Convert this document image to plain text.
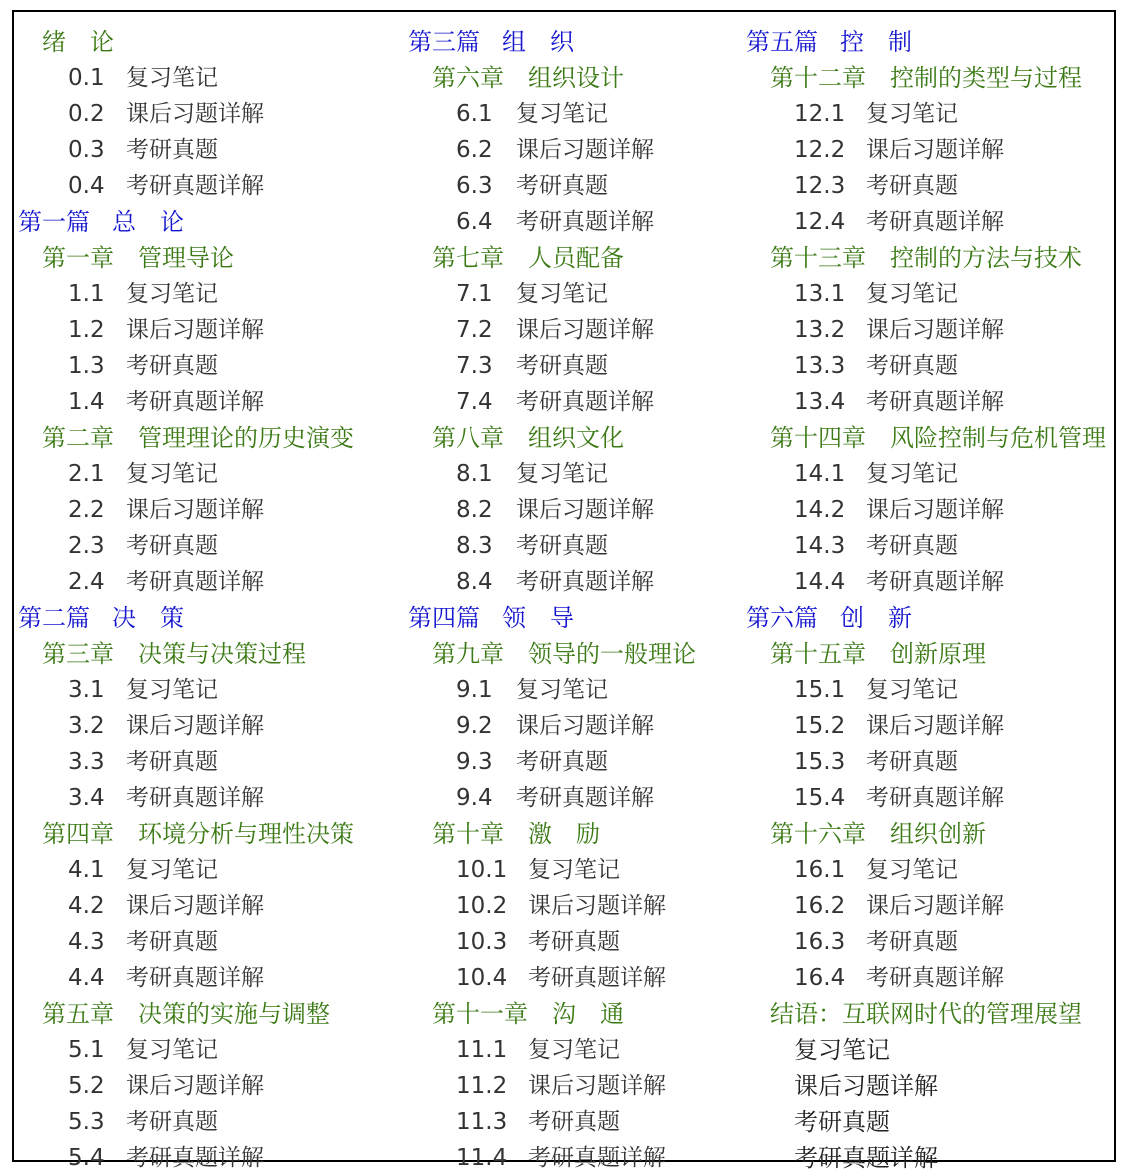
绪 论
0.1 复习笔记
0.2 课后习题详解
0.3 考研真题
0.4 考研真题详解
第一篇 总 论
第一章 管理导论
1.1 复习笔记
1.2 课后习题详解
1.3 考研真题
1.4 考研真题详解
第二章 管理理论的历史演变
2.1 复习笔记
2.2 课后习题详解
2.3 考研真题
2.4 考研真题详解
第二篇 决 策
第三章 决策与决策过程
3.1 复习笔记
3.2 课后习题详解
3.3 考研真题
3.4 考研真题详解
第四章 环境分析与理性决策
4.1 复习笔记
4.2 课后习题详解
4.3 考研真题
4.4 考研真题详解
第五章 决策的实施与调整
5.1 复习笔记
5.2 课后习题详解
5.3 考研真题
5.4 考研真题详解
第三篇 组 织
第六章 组织设计
6.1 复习笔记
6.2 课后习题详解
6.3 考研真题
6.4 考研真题详解
第七章 人员配备
7.1 复习笔记
7.2 课后习题详解
7.3 考研真题
7.4 考研真题详解
第八章 组织文化
8.1 复习笔记
8.2 课后习题详解
8.3 考研真题
8.4 考研真题详解
第四篇 领 导
第九章 领导的一般理论
9.1 复习笔记
9.2 课后习题详解
9.3 考研真题
9.4 考研真题详解
第十章 激 励
10.1 复习笔记
10.2 课后习题详解
10.3 考研真题
10.4 考研真题详解
第十一章 沟 通
11.1 复习笔记
11.2 课后习题详解
11.3 考研真题
11.4 考研真题详解
第五篇 控 制
第十二章 控制的类型与过程
12.1 复习笔记
12.2 课后习题详解
12.3 考研真题
12.4 考研真题详解
第十三章 控制的方法与技术
13.1 复习笔记
13.2 课后习题详解
13.3 考研真题
13.4 考研真题详解
第十四章 风险控制与危机管理
14.1 复习笔记
14.2 课后习题详解
14.3 考研真题
14.4 考研真题详解
第六篇 创 新
第十五章 创新原理
15.1 复习笔记
15.2 课后习题详解
15.3 考研真题
15.4 考研真题详解
第十六章 组织创新
16.1 复习笔记
16.2 课后习题详解
16.3 考研真题
16.4 考研真题详解
结语：互联网时代的管理展望
复习笔记
课后习题详解
考研真题
考研真题详解
